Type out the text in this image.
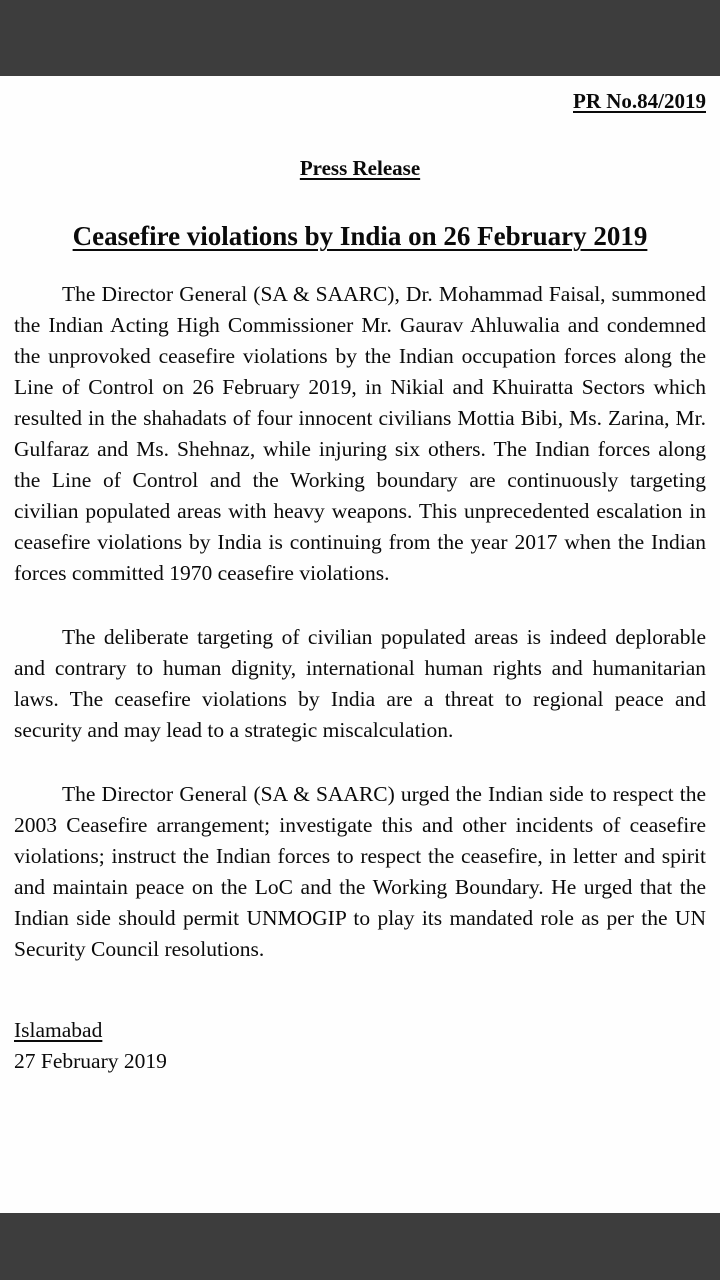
PR No.84/2019
Press Release
Ceasefire violations by India on 26 February 2019

The Director General (SA & SAARC), Dr. Mohammad Faisal, summoned the Indian Acting High Commissioner Mr. Gaurav Ahluwalia and condemned the unprovoked ceasefire violations by the Indian occupation forces along the Line of Control on 26 February 2019, in Nikial and Khuiratta Sectors which resulted in the shahadats of four innocent civilians Mottia Bibi, Ms. Zarina, Mr. Gulfaraz and Ms. Shehnaz, while injuring six others. The Indian forces along the Line of Control and the Working boundary are continuously targeting civilian populated areas with heavy weapons. This unprecedented escalation in ceasefire violations by India is continuing from the year 2017 when the Indian forces committed 1970 ceasefire violations.

The deliberate targeting of civilian populated areas is indeed deplorable and contrary to human dignity, international human rights and humanitarian laws. The ceasefire violations by India are a threat to regional peace and security and may lead to a strategic miscalculation.

The Director General (SA & SAARC) urged the Indian side to respect the 2003 Ceasefire arrangement; investigate this and other incidents of ceasefire violations; instruct the Indian forces to respect the ceasefire, in letter and spirit and maintain peace on the LoC and the Working Boundary. He urged that the Indian side should permit UNMOGIP to play its mandated role as per the UN Security Council resolutions.

Islamabad
27 February 2019
